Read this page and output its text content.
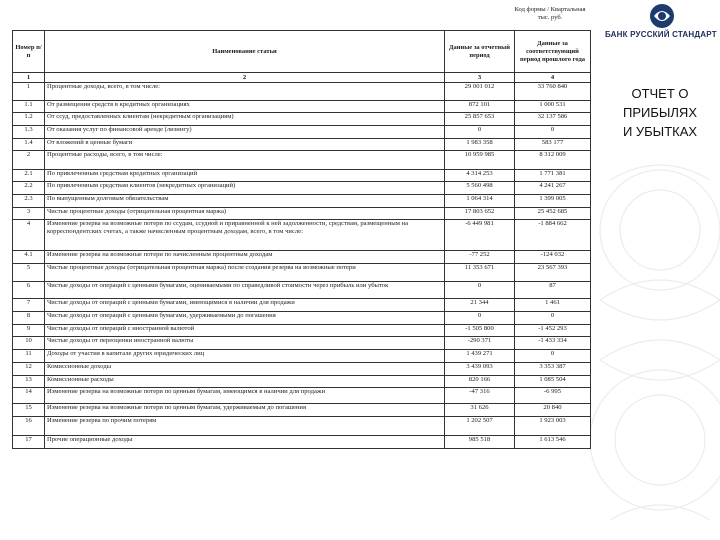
БАНК РУССКИЙ СТАНДАРТ
ОТЧЕТ О
ПРИБЫЛЯХ
И УБЫТКАХ
Код формы / Квартальная
тыс. руб.
Номер п/п	Наименование статьи	Данные за отчетный период	Данные за соответствующий период прошлого года
1	2	3	4
1	Процентные доходы, всего, в том числе:	29 001 012	33 760 840
1.1	От размещения средств в кредитных организациях	872 101	1 000 531
1.2	От ссуд, предоставленных клиентам (некредитным организациям)	25 857 653	32 137 586
1.3	От оказания услуг по финансовой аренде (лизингу)	0	0
1.4	От вложений в ценные бумаги	1 983 358	583 177
2	Процентные расходы, всего, в том числе:	10 959 985	8 312 009
2.1	По привлеченным средствам кредитных организаций	4 314 253	1 771 381
2.2	По привлеченным средствам клиентов (некредитных организаций)	5 560 498	4 241 267
2.3	По выпущенным долговым обязательствам	1 064 314	1 399 005
3	Чистые процентные доходы (отрицательная процентная маржа)	17 803 652	25 452 685
4	Изменение резерва на возможные потери по ссудам, ссудной и приравненной к ней задолженности, средствам, размещенным на корреспондентских счетах, а также начисленным процентным доходам, всего, в том числе:	-6 449 981	-1 884 662
4.1	Изменение резерва на возможные потери по начисленным процентным доходам	-77 252	-124 032
5	Чистые процентные доходы (отрицательная процентная маржа) после создания резерва на возможные потери	11 353 671	23 567 393
6	Чистые доходы от операций с ценными бумагами, оцениваемыми по справедливой стоимости через прибыль или убыток	0	87
7	Чистые доходы от операций с ценными бумагами, имеющимися в наличии для продажи	21 344	1 461
8	Чистые доходы от операций с ценными бумагами, удерживаемыми до погашения	0	0
9	Чистые доходы от операций с иностранной валютой	-1 505 800	-1 452 293
10	Чистые доходы от переоценки иностранной валюты	-290 371	-1 433 334
11	Доходы от участия в капитале других юридических лиц	1 439 271	0
12	Комиссионные доходы	3 439 093	3 353 387
13	Комиссионные расходы	820 166	1 085 504
14	Изменение резерва на возможные потери по ценным бумагам, имеющимся в наличии для продажи	-47 316	-6 995
15	Изменение резерва на возможные потери по ценным бумагам, удерживаемым до погашения	31 626	20 840
16	Изменение резерва по прочим потерям	1 202 507	1 923 003
17	Прочие операционные доходы	985 518	1 613 546
